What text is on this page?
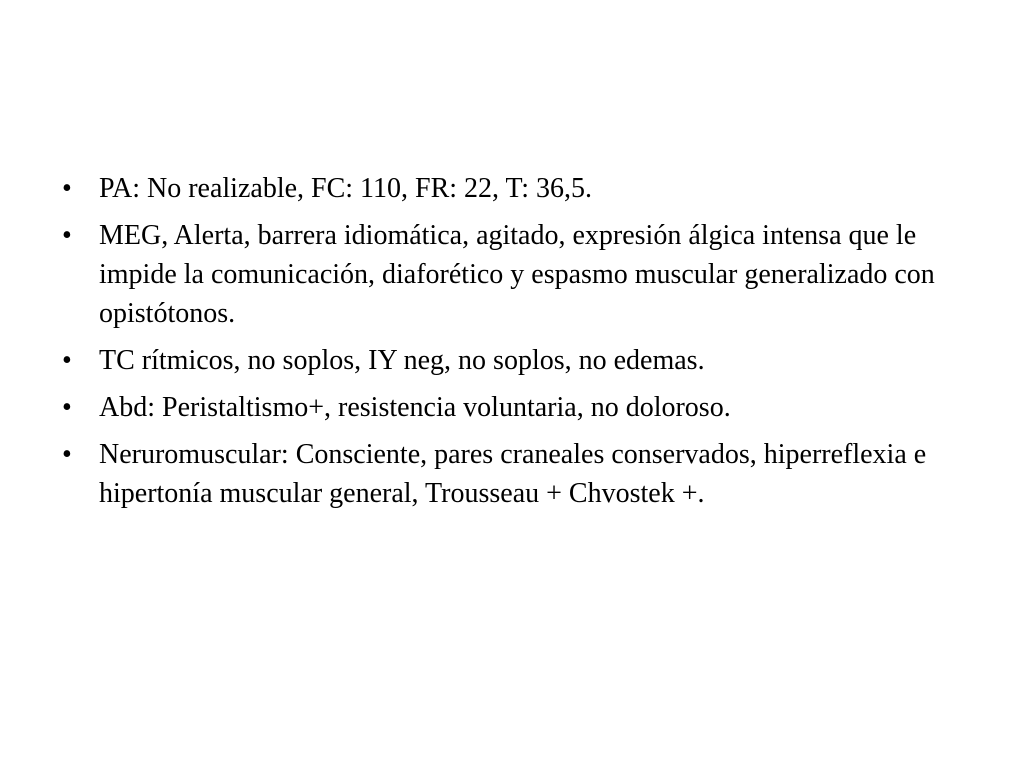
• PA: No realizable, FC: 110, FR: 22, T: 36,5.
• MEG, Alerta, barrera idiomática, agitado, expresión álgica intensa que le impide la comunicación, diaforético y espasmo muscular generalizado con opistótonos.
• TC rítmicos, no soplos, IY neg, no soplos, no edemas.
• Abd: Peristaltismo+, resistencia voluntaria, no doloroso.
• Neruromuscular: Consciente, pares craneales conservados, hiperreflexia e hipertonía muscular general, Trousseau + Chvostek +.
